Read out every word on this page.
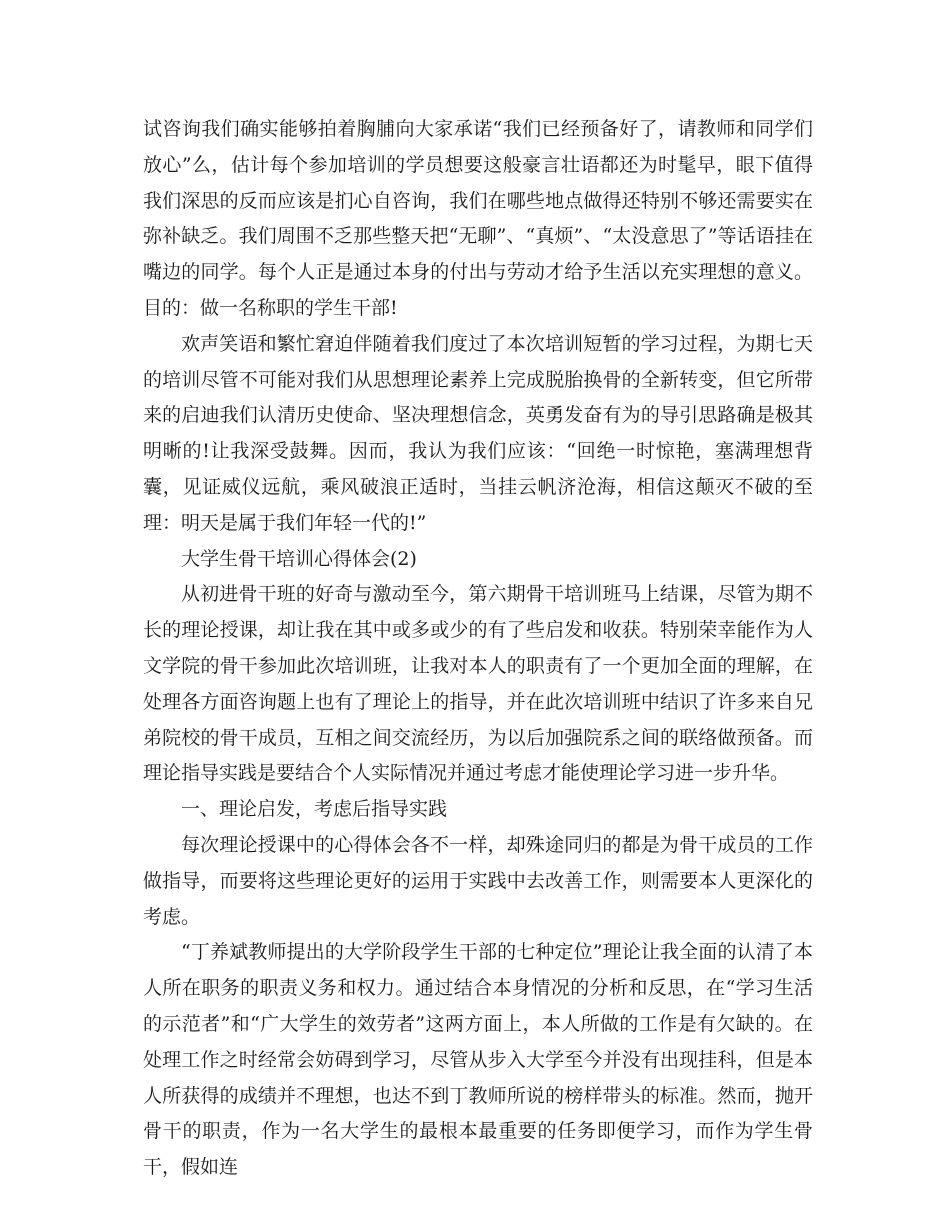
试咨询我们确实能够拍着胸脯向大家承诺“我们已经预备好了，请教师和同学们放心”么，估计每个参加培训的学员想要这般豪言壮语都还为时髦早，眼下值得我们深思的反而应该是扪心自咨询，我们在哪些地点做得还特别不够还需要实在弥补缺乏。我们周围不乏那些整天把“无聊”、“真烦”、“太没意思了”等话语挂在嘴边的同学。每个人正是通过本身的付出与劳动才给予生活以充实理想的意义。目的：做一名称职的学生干部!

欢声笑语和繁忙窘迫伴随着我们度过了本次培训短暂的学习过程，为期七天的培训尽管不可能对我们从思想理论素养上完成脱胎换骨的全新转变，但它所带来的启迪我们认清历史使命、坚决理想信念，英勇发奋有为的导引思路确是极其明晰的!让我深受鼓舞。因而，我认为我们应该：“回绝一时惊艳，塞满理想背囊，见证威仪远航，乘风破浪正适时，当挂云帆济沧海，相信这颠灭不破的至理：明天是属于我们年轻一代的!”

大学生骨干培训心得体会(2)

从初进骨干班的好奇与激动至今，第六期骨干培训班马上结课，尽管为期不长的理论授课，却让我在其中或多或少的有了些启发和收获。特别荣幸能作为人文学院的骨干参加此次培训班，让我对本人的职责有了一个更加全面的理解，在处理各方面咨询题上也有了理论上的指导，并在此次培训班中结识了许多来自兄弟院校的骨干成员，互相之间交流经历，为以后加强院系之间的联络做预备。而理论指导实践是要结合个人实际情况并通过考虑才能使理论学习进一步升华。

一、理论启发，考虑后指导实践

每次理论授课中的心得体会各不一样，却殊途同归的都是为骨干成员的工作做指导，而要将这些理论更好的运用于实践中去改善工作，则需要本人更深化的考虑。

“丁养斌教师提出的大学阶段学生干部的七种定位”理论让我全面的认清了本人所在职务的职责义务和权力。通过结合本身情况的分析和反思，在“学习生活的示范者”和“广大学生的效劳者”这两方面上，本人所做的工作是有欠缺的。在处理工作之时经常会妨碍到学习，尽管从步入大学至今并没有出现挂科，但是本人所获得的成绩并不理想，也达不到丁教师所说的榜样带头的标准。然而，抛开骨干的职责，作为一名大学生的最根本最重要的任务即便学习，而作为学生骨干，假如连
